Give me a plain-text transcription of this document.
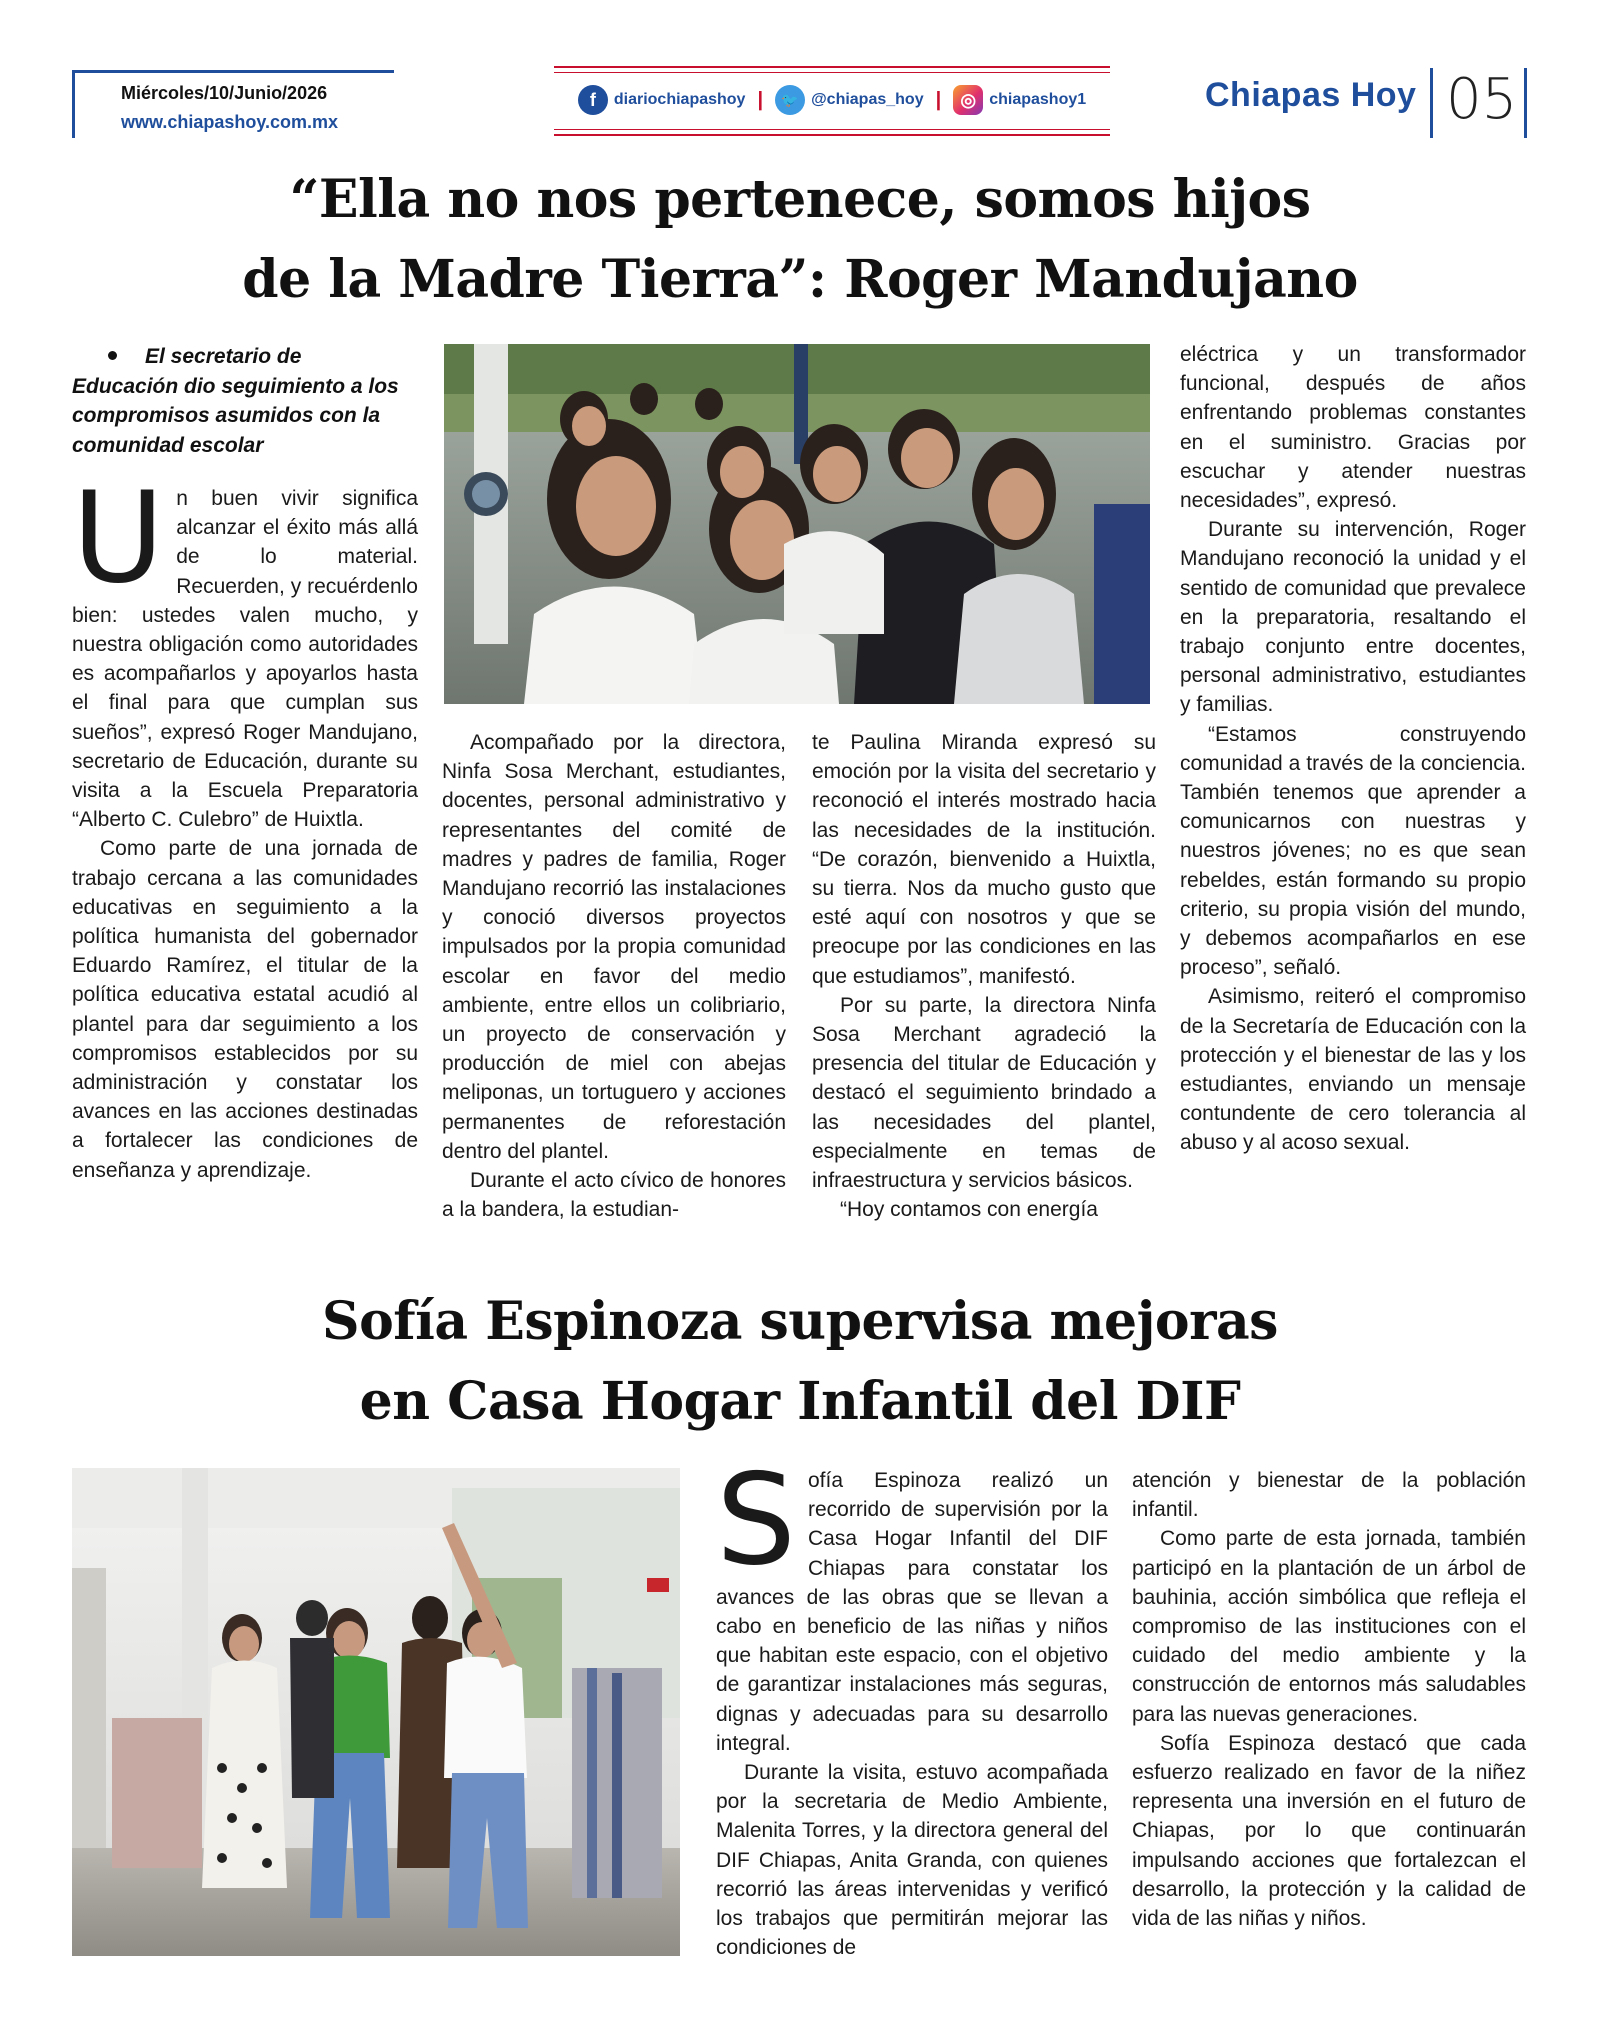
Miércoles/10/Junio/2026
www.chiapashoy.com.mx
f	diariochiapashoy |	🐦 @chiapas_hoy |	◎ chiapashoy1	Chiapas Hoy 05
“Ella no nos pertenece, somos hijos
de la Madre Tierra”: Roger Mandujano
El secretario de Educación dio seguimiento a los compromisos asumidos con la comunidad escolar

Un buen vivir significa alcanzar el éxito más allá de lo material. Recuerden, y recuérdenlo bien: ustedes valen mucho, y nuestra obligación como autoridades es acompañarlos y apoyarlos hasta el final para que cumplan sus sueños”, expresó Roger Mandujano, secretario de Educación, durante su visita a la Escuela Preparatoria “Alberto C. Culebro” de Huixtla.

Como parte de una jornada de trabajo cercana a las comunidades educativas en seguimiento a la política humanista del gobernador Eduardo Ramírez, el titular de la política educativa estatal acudió al plantel para dar seguimiento a los compromisos establecidos por su administración y constatar los avances en las acciones destinadas a fortalecer las condiciones de enseñanza y aprendizaje.

Acompañado por la directora, Ninfa Sosa Merchant, estudiantes, docentes, personal administrativo y representantes del comité de madres y padres de familia, Roger Mandujano recorrió las instalaciones y conoció diversos proyectos impulsados por la propia comunidad escolar en favor del medio ambiente, entre ellos un colibriario, un proyecto de conservación y producción de miel con abejas meliponas, un tortuguero y acciones permanentes de reforestación dentro del plantel.

Durante el acto cívico de honores a la bandera, la estudian-

te Paulina Miranda expresó su emoción por la visita del secretario y reconoció el interés mostrado hacia las necesidades de la institución. “De corazón, bienvenido a Huixtla, su tierra. Nos da mucho gusto que esté aquí con nosotros y que se preocupe por las condiciones en las que estudiamos”, manifestó.

Por su parte, la directora Ninfa Sosa Merchant agradeció la presencia del titular de Educación y destacó el seguimiento brindado a las necesidades del plantel, especialmente en temas de infraestructura y servicios básicos.

“Hoy contamos con energía

eléctrica y un transformador funcional, después de años enfrentando problemas constantes en el suministro. Gracias por escuchar y atender nuestras necesidades”, expresó.

Durante su intervención, Roger Mandujano reconoció la unidad y el sentido de comunidad que prevalece en la preparatoria, resaltando el trabajo conjunto entre docentes, personal administrativo, estudiantes y familias.

“Estamos construyendo comunidad a través de la conciencia. También tenemos que aprender a comunicarnos con nuestras y nuestros jóvenes; no es que sean rebeldes, están formando su propio criterio, su propia visión del mundo, y debemos acompañarlos en ese proceso”, señaló.

Asimismo, reiteró el compromiso de la Secretaría de Educación con la protección y el bienestar de las y los estudiantes, enviando un mensaje contundente de cero tolerancia al abuso y al acoso sexual.

Sofía Espinoza supervisa mejoras
en Casa Hogar Infantil del DIF

Sofía Espinoza realizó un recorrido de supervisión por la Casa Hogar Infantil del DIF Chiapas para constatar los avances de las obras que se llevan a cabo en beneficio de las niñas y niños que habitan este espacio, con el objetivo de garantizar instalaciones más seguras, dignas y adecuadas para su desarrollo integral.

Durante la visita, estuvo acompañada por la secretaria de Medio Ambiente, Malenita Torres, y la directora general del DIF Chiapas, Anita Granda, con quienes recorrió las áreas intervenidas y verificó los trabajos que permitirán mejorar las condiciones de

atención y bienestar de la población infantil.

Como parte de esta jornada, también participó en la plantación de un árbol de bauhinia, acción simbólica que refleja el compromiso de las instituciones con el cuidado del medio ambiente y la construcción de entornos más saludables para las nuevas generaciones.

Sofía Espinoza destacó que cada esfuerzo realizado en favor de la niñez representa una inversión en el futuro de Chiapas, por lo que continuarán impulsando acciones que fortalezcan el desarrollo, la protección y la calidad de vida de las niñas y niños.
